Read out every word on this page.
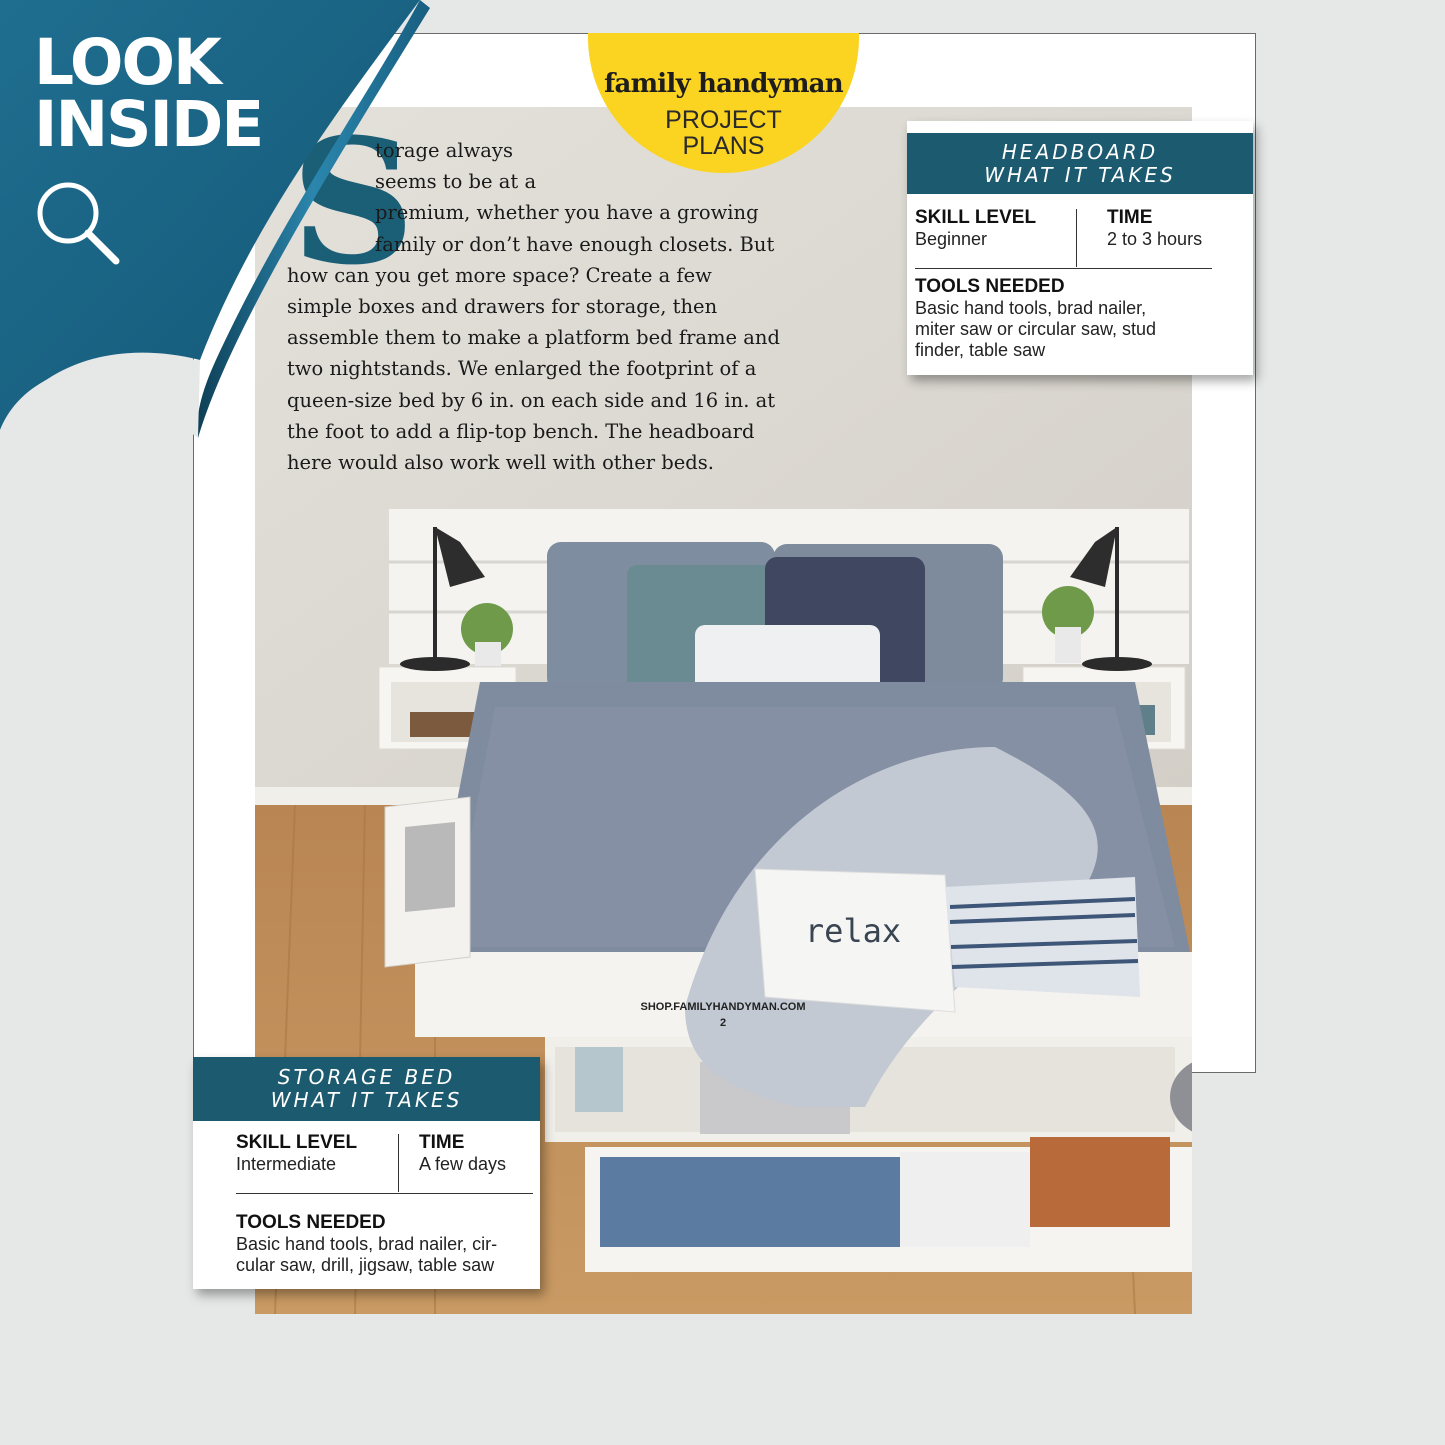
relax
family handyman
PROJECT
PLANS
S
torage always
seems to be at a
premium, whether you have a growing
family or don’t have enough closets. But
how can you get more space? Create a few
simple boxes and drawers for storage, then
assemble them to make a platform bed frame and
two nightstands. We enlarged the footprint of a
queen-size bed by 6 in. on each side and 16 in. at
the foot to add a flip-top bench. The headboard
here would also work well with other beds.
HEADBOARD
WHAT IT TAKES
SKILL LEVEL
Beginner
TIME
2 to 3 hours
TOOLS NEEDED
Basic hand tools, brad nailer,
miter saw or circular saw, stud
finder, table saw
STORAGE BED
WHAT IT TAKES
SKILL LEVEL
Intermediate
TIME
A few days
TOOLS NEEDED
Basic hand tools, brad nailer, cir-
cular saw, drill, jigsaw, table saw
SHOP.FAMILYHANDYMAN.COM
2
LOOK
INSIDE
